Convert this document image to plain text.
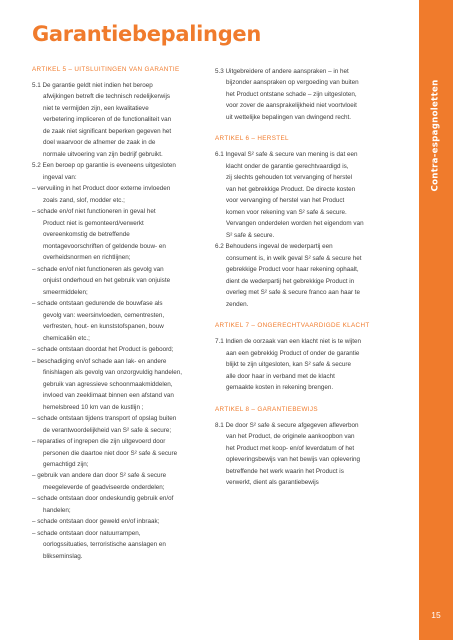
Garantiebepalingen
ARTIKEL 5 – UITSLUITINGEN VAN GARANTIE
5.1 De garantie geldt niet indien het beroep
afwijkingen betreft die technisch redelijkerwijs
niet te vermijden zijn, een kwalitatieve
verbetering impliceren of de functionaliteit van
de zaak niet significant beperken gegeven het
doel waarvoor de afnemer de zaak in de
normale uitvoering van zijn bedrijf gebruikt.
5.2 Een beroep op garantie is eveneens uitgesloten
ingeval van:
– vervuiling in het Product door externe invloeden
zoals zand, slof, modder etc.;
– schade en/of niet functioneren in geval het
Product niet is gemonteerd/verwerkt
overeenkomstig de betreffende
montagevoorschriften of geldende bouw- en
overheidsnormen en richtlijnen;
– schade en/of niet functioneren als gevolg van
onjuist onderhoud en het gebruik van onjuiste
smeermiddelen;
– schade ontstaan gedurende de bouwfase als
gevolg van: weersinvloeden, cementresten,
verfresten, hout- en kunststofspanen, bouw
chemicaliën etc.;
– schade ontstaan doordat het Product is geboord;
– beschadiging en/of schade aan lak- en andere
finishlagen als gevolg van onzorgvuldig handelen,
gebruik van agressieve schoonmaakmiddelen,
invloed van zeeklimaat binnen een afstand van
hemelsbreed 10 km van de kustlijn ;
– schade ontstaan tijdens transport of opslag buiten
de verantwoordelijkheid van S² safe & secure;
– reparaties of ingrepen die zijn uitgevoerd door
personen die daartoe niet door S² safe & secure
gemachtigd zijn;
– gebruik van andere dan door S² safe & secure
meegeleverde of geadviseerde onderdelen;
– schade ontstaan door ondeskundig gebruik en/of
handelen;
– schade ontstaan door geweld en/of inbraak;
– schade ontstaan door natuurrampen,
oorlogssituaties, terroristische aanslagen en
blikseminslag.
5.3 Uitgebreidere of andere aanspraken – in het
bijzonder aanspraken op vergoeding van buiten
het Product ontstane schade – zijn uitgesloten,
voor zover de aansprakelijkheid niet voortvloeit
uit wettelijke bepalingen van dwingend recht.
ARTIKEL 6 – HERSTEL
6.1 Ingeval S² safe & secure van mening is dat een
klacht onder de garantie gerechtvaardigd is,
zij slechts gehouden tot vervanging of herstel
van het gebrekkige Product. De directe kosten
voor vervanging of herstel van het Product
komen voor rekening van S² safe & secure.
Vervangen onderdelen worden het eigendom van
S² safe & secure.
6.2 Behoudens ingeval de wederpartij een
consument is, in welk geval S² safe & secure het
gebrekkige Product voor haar rekening ophaalt,
dient de wederpartij het gebrekkige Product in
overleg met S² safe & secure franco aan haar te
zenden.
ARTIKEL 7 – ONGERECHTVAARDIGDE KLACHT
7.1 Indien de oorzaak van een klacht niet is te wijten
aan een gebrekkig Product of onder de garantie
blijkt te zijn uitgesloten, kan S² safe & secure
alle door haar in verband met de klacht
gemaakte kosten in rekening brengen.
ARTIKEL 8 – GARANTIEBEWIJS
8.1 De door S² safe & secure afgegeven afleverbon
van het Product, de originele aankoopbon van
het Product met koop- en/of leverdatum of het
opleveringsbewijs van het bewijs van oplevering
betreffende het werk waarin het Product is
verwerkt, dient als garantiebewijs
Contra-espagnoletten
15
